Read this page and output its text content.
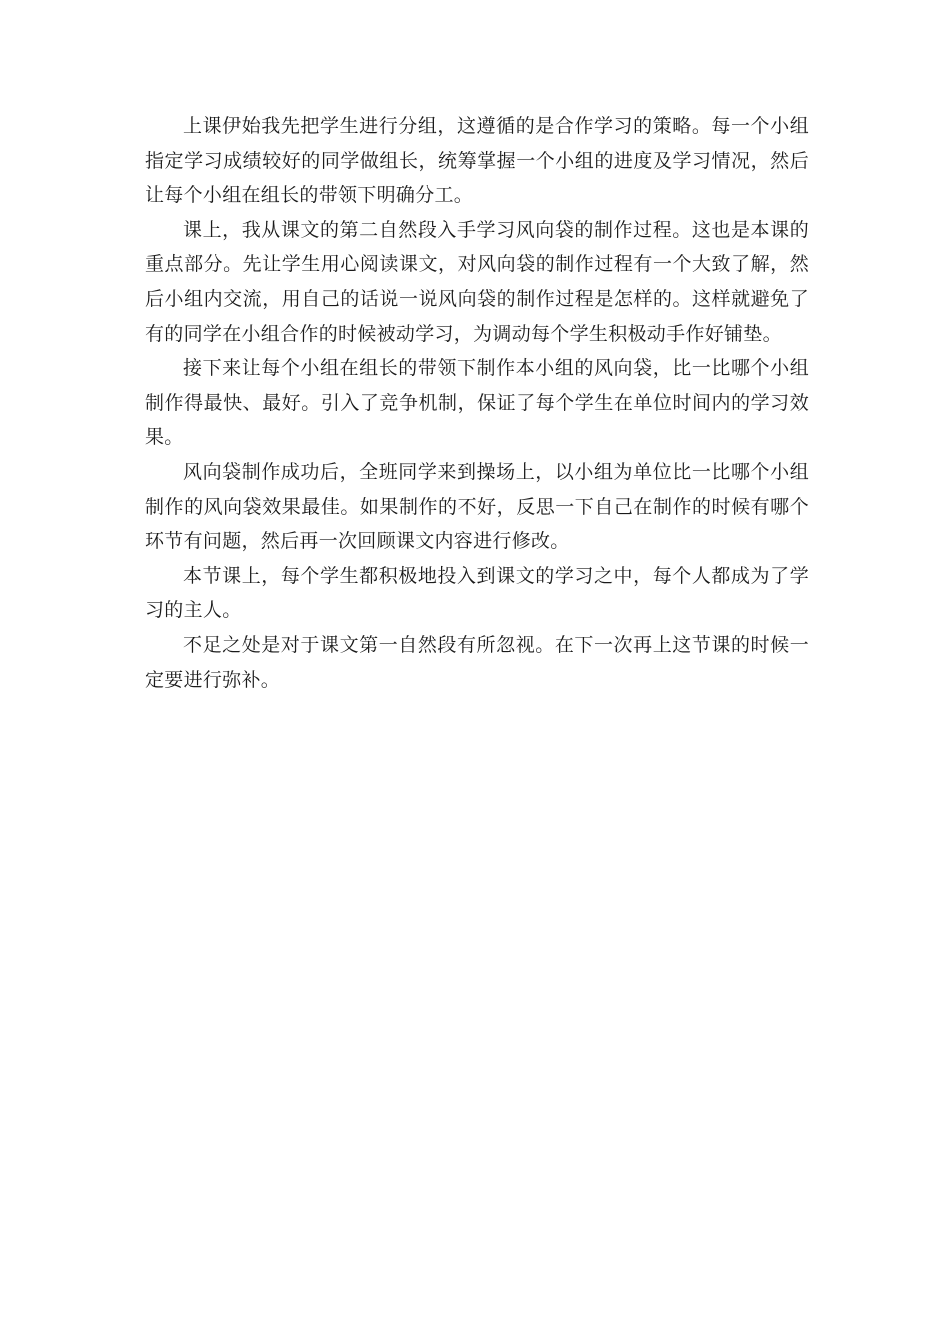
上课伊始我先把学生进行分组，这遵循的是合作学习的策略。每一个小组指定学习成绩较好的同学做组长，统筹掌握一个小组的进度及学习情况，然后让每个小组在组长的带领下明确分工。

课上，我从课文的第二自然段入手学习风向袋的制作过程。这也是本课的重点部分。先让学生用心阅读课文，对风向袋的制作过程有一个大致了解，然后小组内交流，用自己的话说一说风向袋的制作过程是怎样的。这样就避免了有的同学在小组合作的时候被动学习，为调动每个学生积极动手作好铺垫。

接下来让每个小组在组长的带领下制作本小组的风向袋，比一比哪个小组制作得最快、最好。引入了竞争机制，保证了每个学生在单位时间内的学习效果。

风向袋制作成功后，全班同学来到操场上，以小组为单位比一比哪个小组制作的风向袋效果最佳。如果制作的不好，反思一下自己在制作的时候有哪个环节有问题，然后再一次回顾课文内容进行修改。

本节课上，每个学生都积极地投入到课文的学习之中，每个人都成为了学习的主人。

不足之处是对于课文第一自然段有所忽视。在下一次再上这节课的时候一定要进行弥补。
